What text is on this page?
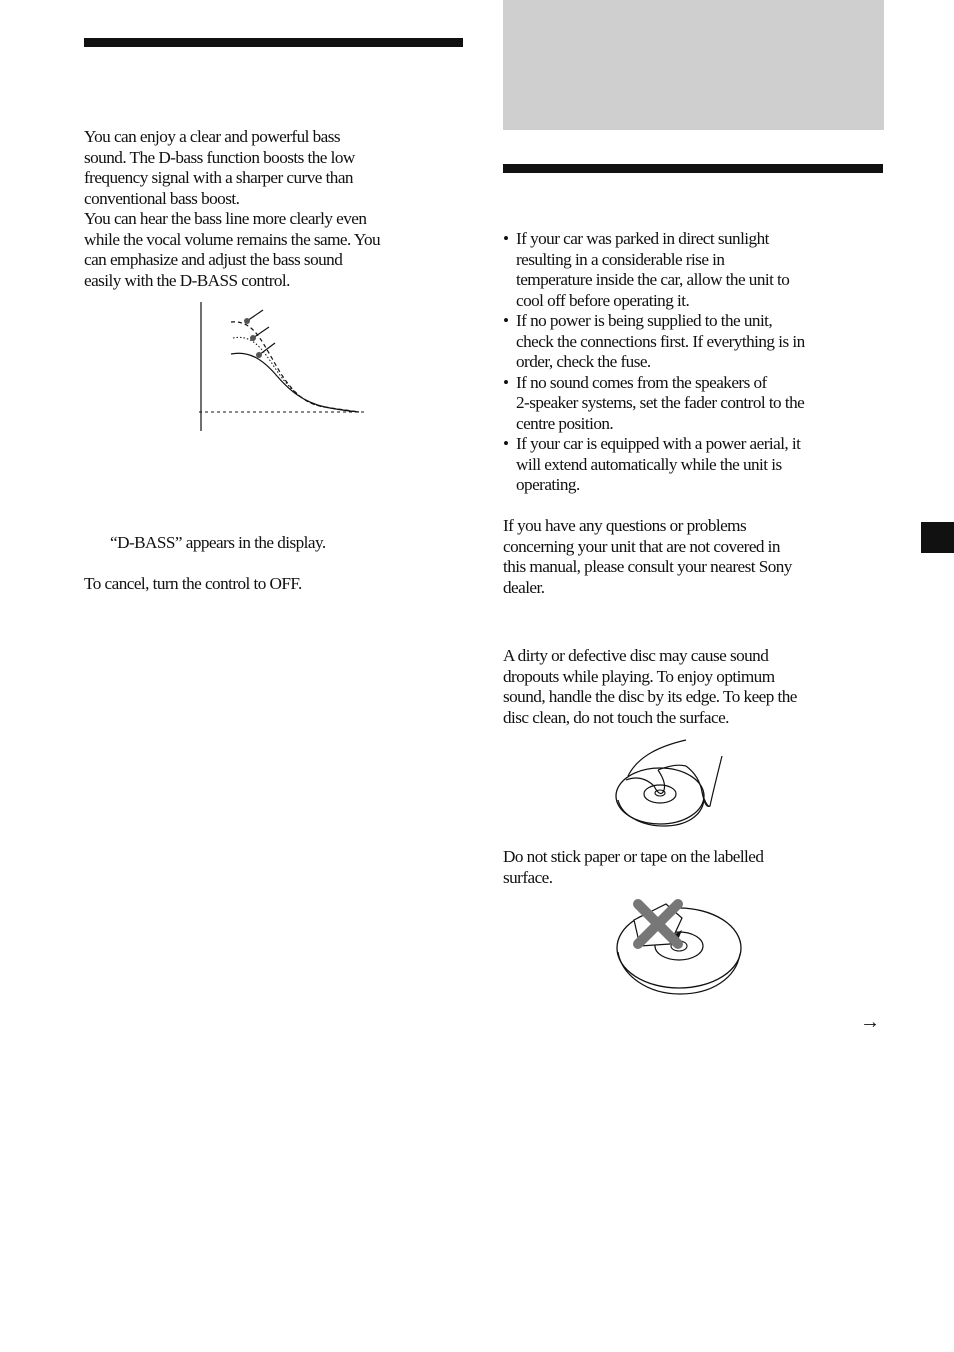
You can enjoy a clear and powerful bass

sound. The D-bass function boosts the low

frequency signal with a sharper curve than

conventional bass boost.

You can hear the bass line more clearly even

while the vocal volume remains the same. You

can emphasize and adjust the bass sound

easily with the D-BASS control.

“D-BASS” appears in the display.
To cancel, turn the control to OFF.
• If your car was parked in direct sunlight
resulting in a considerable rise in
temperature inside the car, allow the unit to
cool off before operating it.
• If no power is being supplied to the unit,
check the connections first. If everything is in
order, check the fuse.
• If no sound comes from the speakers of
2-speaker systems, set the fader control to the
centre position.
• If your car is equipped with a power aerial, it
will extend automatically while the unit is
operating.

If you have any questions or problems

concerning your unit that are not covered in

this manual, please consult your nearest Sony

dealer.

A dirty or defective disc may cause sound

dropouts while playing. To enjoy optimum

sound, handle the disc by its edge. To keep the

disc clean, do not touch the surface.

Do not stick paper or tape on the labelled

surface.

→
